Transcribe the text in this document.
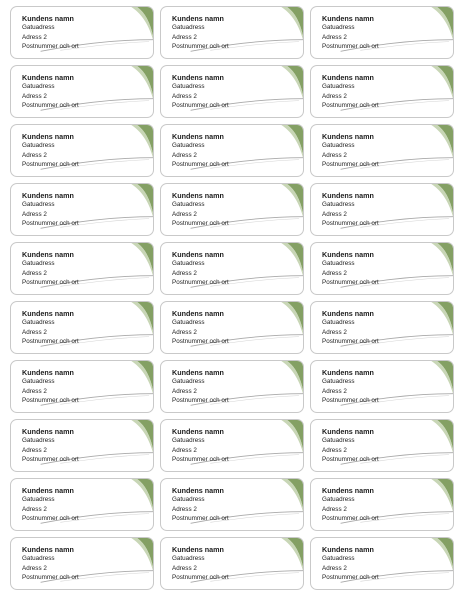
Kundens namn
Gatuadress
Adress 2
Postnummer och ort
Kundens namn
Gatuadress
Adress 2
Postnummer och ort
Kundens namn
Gatuadress
Adress 2
Postnummer och ort
Kundens namn
Gatuadress
Adress 2
Postnummer och ort
Kundens namn
Gatuadress
Adress 2
Postnummer och ort
Kundens namn
Gatuadress
Adress 2
Postnummer och ort
Kundens namn
Gatuadress
Adress 2
Postnummer och ort
Kundens namn
Gatuadress
Adress 2
Postnummer och ort
Kundens namn
Gatuadress
Adress 2
Postnummer och ort
Kundens namn
Gatuadress
Adress 2
Postnummer och ort
Kundens namn
Gatuadress
Adress 2
Postnummer och ort
Kundens namn
Gatuadress
Adress 2
Postnummer och ort
Kundens namn
Gatuadress
Adress 2
Postnummer och ort
Kundens namn
Gatuadress
Adress 2
Postnummer och ort
Kundens namn
Gatuadress
Adress 2
Postnummer och ort
Kundens namn
Gatuadress
Adress 2
Postnummer och ort
Kundens namn
Gatuadress
Adress 2
Postnummer och ort
Kundens namn
Gatuadress
Adress 2
Postnummer och ort
Kundens namn
Gatuadress
Adress 2
Postnummer och ort
Kundens namn
Gatuadress
Adress 2
Postnummer och ort
Kundens namn
Gatuadress
Adress 2
Postnummer och ort
Kundens namn
Gatuadress
Adress 2
Postnummer och ort
Kundens namn
Gatuadress
Adress 2
Postnummer och ort
Kundens namn
Gatuadress
Adress 2
Postnummer och ort
Kundens namn
Gatuadress
Adress 2
Postnummer och ort
Kundens namn
Gatuadress
Adress 2
Postnummer och ort
Kundens namn
Gatuadress
Adress 2
Postnummer och ort
Kundens namn
Gatuadress
Adress 2
Postnummer och ort
Kundens namn
Gatuadress
Adress 2
Postnummer och ort
Kundens namn
Gatuadress
Adress 2
Postnummer och ort
